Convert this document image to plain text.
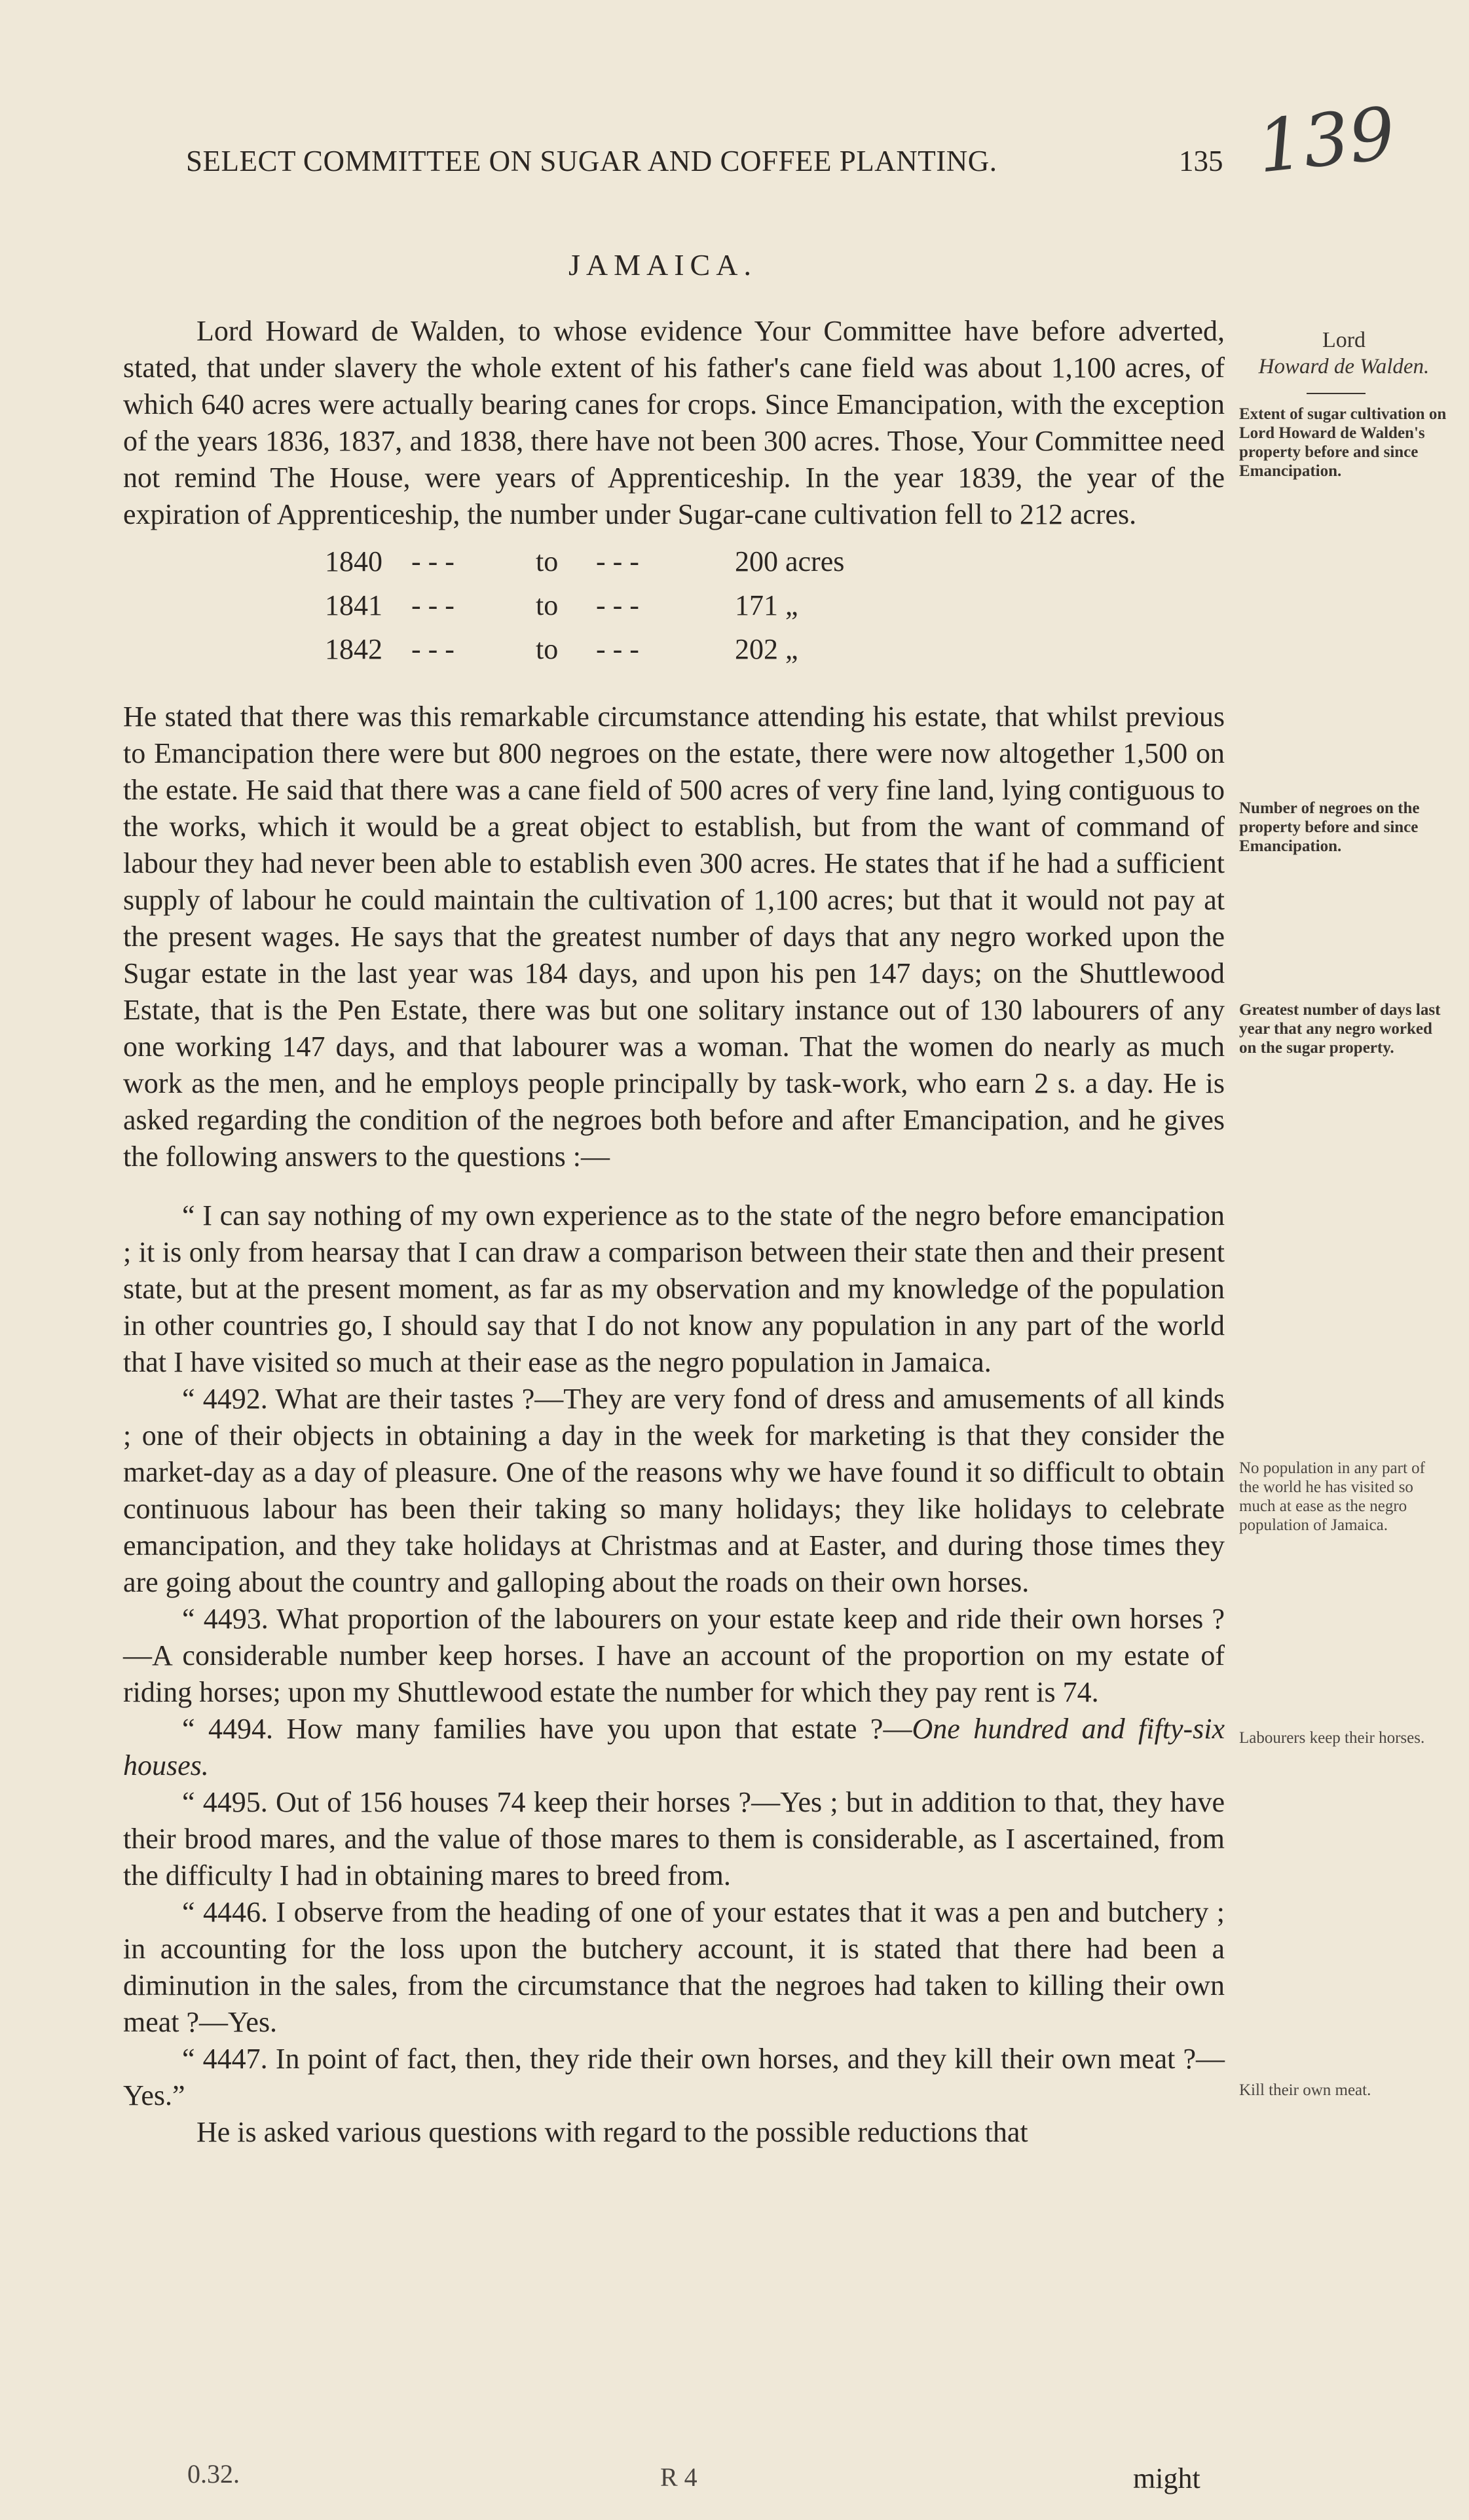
SELECT COMMITTEE ON SUGAR AND COFFEE PLANTING.	135 139
JAMAICA.

Lord Howard de Walden, to whose evidence Your Committee have before adverted, stated, that under slavery the whole extent of his father's cane field was about 1,100 acres, of which 640 acres were actually bearing canes for crops. Since Emancipation, with the exception of the years 1836, 1837, and 1838, there have not been 300 acres. Those, Your Committee need not remind The House, were years of Apprenticeship. In the year 1839, the year of the expiration of Apprenticeship, the number under Sugar-cane cultivation fell to 212 acres.

1840	- - -	to	- - -	200 acres
1841	- - -	to	- - -	171 „
1842	- - -	to	- - -	202 „

He stated that there was this remarkable circumstance attending his estate, that whilst previous to Emancipation there were but 800 negroes on the estate, there were now altogether 1,500 on the estate. He said that there was a cane field of 500 acres of very fine land, lying contiguous to the works, which it would be a great object to establish, but from the want of command of labour they had never been able to establish even 300 acres. He states that if he had a sufficient supply of labour he could maintain the cultivation of 1,100 acres; but that it would not pay at the present wages. He says that the greatest number of days that any negro worked upon the Sugar estate in the last year was 184 days, and upon his pen 147 days; on the Shuttlewood Estate, that is the Pen Estate, there was but one solitary instance out of 130 labourers of any one working 147 days, and that labourer was a woman. That the women do nearly as much work as the men, and he employs people principally by task-work, who earn 2 s. a day. He is asked regarding the condition of the negroes both before and after Emancipation, and he gives the following answers to the questions :—

“ I can say nothing of my own experience as to the state of the negro before emancipation ; it is only from hearsay that I can draw a comparison between their state then and their present state, but at the present moment, as far as my observation and my knowledge of the population in other countries go, I should say that I do not know any population in any part of the world that I have visited so much at their ease as the negro population in Jamaica.

“ 4492. What are their tastes ?—They are very fond of dress and amusements of all kinds ; one of their objects in obtaining a day in the week for marketing is that they consider the market-day as a day of pleasure. One of the reasons why we have found it so difficult to obtain continuous labour has been their taking so many holidays; they like holidays to celebrate emancipation, and they take holidays at Christmas and at Easter, and during those times they are going about the country and galloping about the roads on their own horses.

“ 4493. What proportion of the labourers on your estate keep and ride their own horses ?—A considerable number keep horses. I have an account of the proportion on my estate of riding horses; upon my Shuttlewood estate the number for which they pay rent is 74.

“ 4494. How many families have you upon that estate ?—One hundred and fifty-six houses.

“ 4495. Out of 156 houses 74 keep their horses ?—Yes ; but in addition to that, they have their brood mares, and the value of those mares to them is considerable, as I ascertained, from the difficulty I had in obtaining mares to breed from.

“ 4446. I observe from the heading of one of your estates that it was a pen and butchery ; in accounting for the loss upon the butchery account, it is stated that there had been a diminution in the sales, from the circumstance that the negroes had taken to killing their own meat ?—Yes.

“ 4447. In point of fact, then, they ride their own horses, and they kill their own meat ?—Yes.”

He is asked various questions with regard to the possible reductions that

0.32.	R 4	might
Lord
Howard de Walden.
Extent of sugar cultivation on Lord Howard de Walden's property before and since Emancipation.
Number of negroes on the property before and since Emancipation.
Greatest number of days last year that any negro worked on the sugar property.
No population in any part of the world he has visited so much at ease as the negro population of Jamaica.
Labourers keep their horses.
Kill their own meat.
